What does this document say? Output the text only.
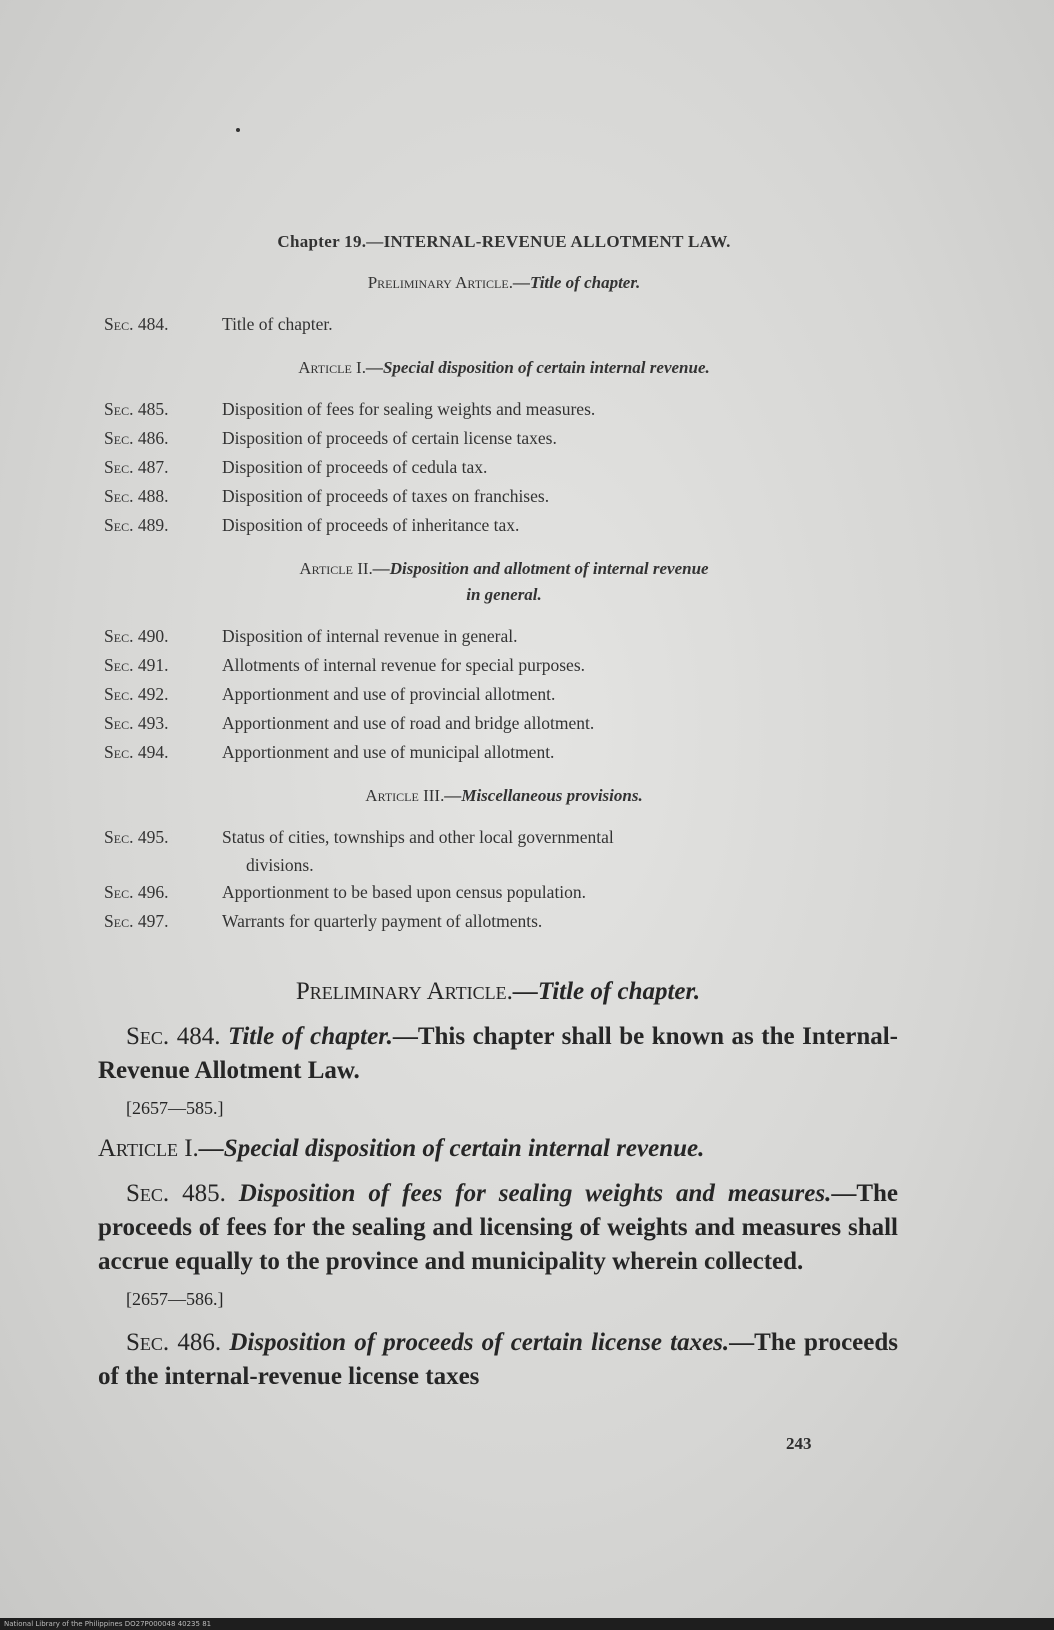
Chapter 19.—INTERNAL-REVENUE ALLOTMENT LAW.
Preliminary Article.—Title of chapter.
Sec. 484.	Title of chapter.
Article I.—Special disposition of certain internal revenue.
Sec. 485.	Disposition of fees for sealing weights and measures.
Sec. 486.	Disposition of proceeds of certain license taxes.
Sec. 487.	Disposition of proceeds of cedula tax.
Sec. 488.	Disposition of proceeds of taxes on franchises.
Sec. 489.	Disposition of proceeds of inheritance tax.
Article II.—Disposition and allotment of internal revenue
in general.
Sec. 490.	Disposition of internal revenue in general.
Sec. 491.	Allotments of internal revenue for special purposes.
Sec. 492.	Apportionment and use of provincial allotment.
Sec. 493.	Apportionment and use of road and bridge allotment.
Sec. 494.	Apportionment and use of municipal allotment.
Article III.—Miscellaneous provisions.
Sec. 495.	Status of cities, townships and other local governmental
divisions.
Sec. 496.	Apportionment to be based upon census population.
Sec. 497.	Warrants for quarterly payment of allotments.
Preliminary Article.—Title of chapter.

Sec. 484. Title of chapter.—This chapter shall be known as the Internal-Revenue Allotment Law.

[2657—585.]
Article I.—Special disposition of certain internal revenue.

Sec. 485. Disposition of fees for sealing weights and measures.—The proceeds of fees for the sealing and licensing of weights and measures shall accrue equally to the province and municipality wherein collected.

[2657—586.]

Sec. 486. Disposition of proceeds of certain license taxes.—The proceeds of the internal-revenue license taxes

243
National Library of the Philippines DO27P000048 40235 81
